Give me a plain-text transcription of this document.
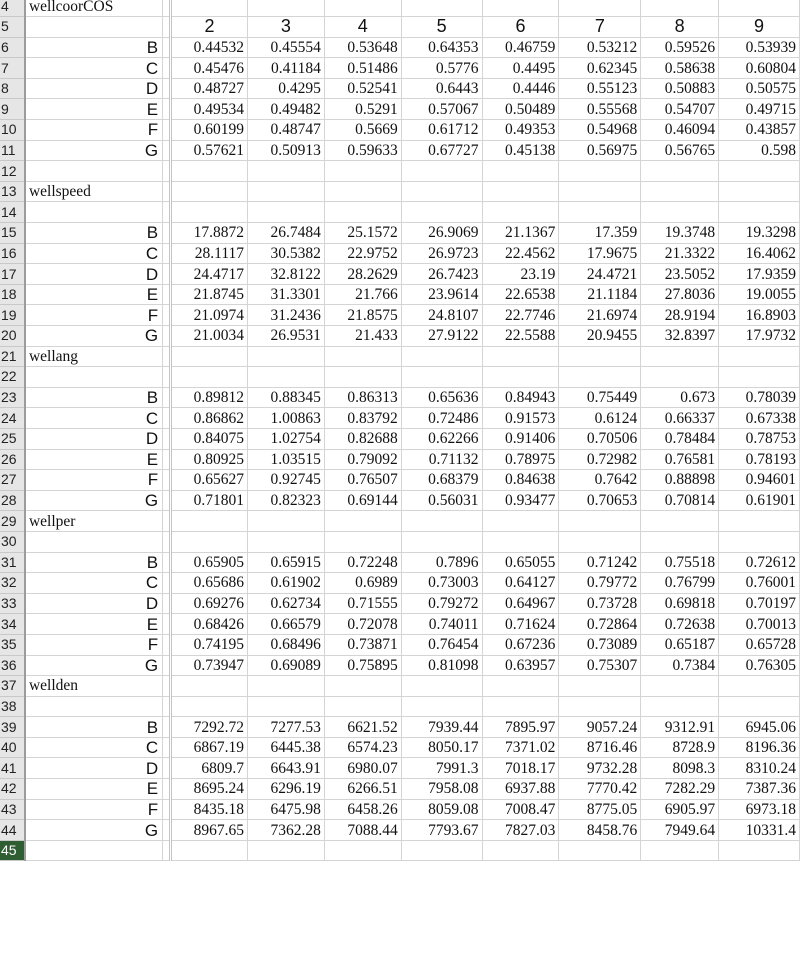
4	wellcoorCOS									
5			2	3	4	5	6	7	8	9
6	B		0.44532	0.45554	0.53648	0.64353	0.46759	0.53212	0.59526	0.53939
7	C		0.45476	0.41184	0.51486	0.5776	0.4495	0.62345	0.58638	0.60804
8	D		0.48727	0.4295	0.52541	0.6443	0.4446	0.55123	0.50883	0.50575
9	E		0.49534	0.49482	0.5291	0.57067	0.50489	0.55568	0.54707	0.49715
10	F		0.60199	0.48747	0.5669	0.61712	0.49353	0.54968	0.46094	0.43857
11	G		0.57621	0.50913	0.59633	0.67727	0.45138	0.56975	0.56765	0.598
12										
13	wellspeed									
14										
15	B		17.8872	26.7484	25.1572	26.9069	21.1367	17.359	19.3748	19.3298
16	C		28.1117	30.5382	22.9752	26.9723	22.4562	17.9675	21.3322	16.4062
17	D		24.4717	32.8122	28.2629	26.7423	23.19	24.4721	23.5052	17.9359
18	E		21.8745	31.3301	21.766	23.9614	22.6538	21.1184	27.8036	19.0055
19	F		21.0974	31.2436	21.8575	24.8107	22.7746	21.6974	28.9194	16.8903
20	G		21.0034	26.9531	21.433	27.9122	22.5588	20.9455	32.8397	17.9732
21	wellang									
22										
23	B		0.89812	0.88345	0.86313	0.65636	0.84943	0.75449	0.673	0.78039
24	C		0.86862	1.00863	0.83792	0.72486	0.91573	0.6124	0.66337	0.67338
25	D		0.84075	1.02754	0.82688	0.62266	0.91406	0.70506	0.78484	0.78753
26	E		0.80925	1.03515	0.79092	0.71132	0.78975	0.72982	0.76581	0.78193
27	F		0.65627	0.92745	0.76507	0.68379	0.84638	0.7642	0.88898	0.94601
28	G		0.71801	0.82323	0.69144	0.56031	0.93477	0.70653	0.70814	0.61901
29	wellper									
30										
31	B		0.65905	0.65915	0.72248	0.7896	0.65055	0.71242	0.75518	0.72612
32	C		0.65686	0.61902	0.6989	0.73003	0.64127	0.79772	0.76799	0.76001
33	D		0.69276	0.62734	0.71555	0.79272	0.64967	0.73728	0.69818	0.70197
34	E		0.68426	0.66579	0.72078	0.74011	0.71624	0.72864	0.72638	0.70013
35	F		0.74195	0.68496	0.73871	0.76454	0.67236	0.73089	0.65187	0.65728
36	G		0.73947	0.69089	0.75895	0.81098	0.63957	0.75307	0.7384	0.76305
37	wellden									
38										
39	B		7292.72	7277.53	6621.52	7939.44	7895.97	9057.24	9312.91	6945.06
40	C		6867.19	6445.38	6574.23	8050.17	7371.02	8716.46	8728.9	8196.36
41	D		6809.7	6643.91	6980.07	7991.3	7018.17	9732.28	8098.3	8310.24
42	E		8695.24	6296.19	6266.51	7958.08	6937.88	7770.42	7282.29	7387.36
43	F		8435.18	6475.98	6458.26	8059.08	7008.47	8775.05	6905.97	6973.18
44	G		8967.65	7362.28	7088.44	7793.67	7827.03	8458.76	7949.64	10331.4
45										
